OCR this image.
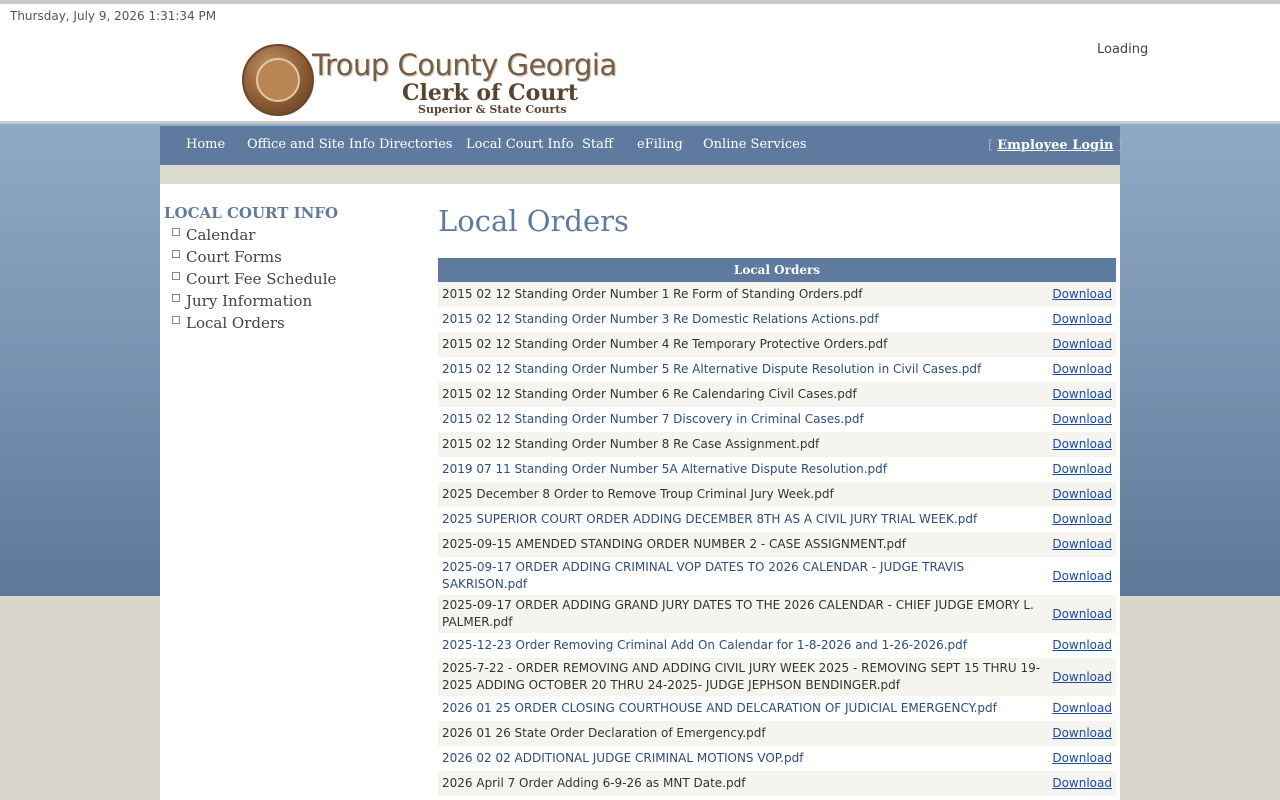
Thursday, July 9, 2026 1:31:34 PM
Troup County Georgia
Clerk of Court
Superior & State Courts
Loading
Home Office and Site Info Directories Local Court Info Staff eFiling Online Services	[ Employee Login ]
LOCAL COURT INFO
Calendar
Court Forms
Court Fee Schedule
Jury Information
Local Orders
Local Orders
Local Orders	
2015 02 12 Standing Order Number 1 Re Form of Standing Orders.pdf	Download
2015 02 12 Standing Order Number 3 Re Domestic Relations Actions.pdf	Download
2015 02 12 Standing Order Number 4 Re Temporary Protective Orders.pdf	Download
2015 02 12 Standing Order Number 5 Re Alternative Dispute Resolution in Civil Cases.pdf	Download
2015 02 12 Standing Order Number 6 Re Calendaring Civil Cases.pdf	Download
2015 02 12 Standing Order Number 7 Discovery in Criminal Cases.pdf	Download
2015 02 12 Standing Order Number 8 Re Case Assignment.pdf	Download
2019 07 11 Standing Order Number 5A Alternative Dispute Resolution.pdf	Download
2025 December 8 Order to Remove Troup Criminal Jury Week.pdf	Download
2025 SUPERIOR COURT ORDER ADDING DECEMBER 8TH AS A CIVIL JURY TRIAL WEEK.pdf	Download
2025-09-15 AMENDED STANDING ORDER NUMBER 2 - CASE ASSIGNMENT.pdf	Download
2025-09-17 ORDER ADDING CRIMINAL VOP DATES TO 2026 CALENDAR - JUDGE TRAVIS SAKRISON.pdf	Download
2025-09-17 ORDER ADDING GRAND JURY DATES TO THE 2026 CALENDAR - CHIEF JUDGE EMORY L. PALMER.pdf	Download
2025-12-23 Order Removing Criminal Add On Calendar for 1-8-2026 and 1-26-2026.pdf	Download
2025-7-22 - ORDER REMOVING AND ADDING CIVIL JURY WEEK 2025 - REMOVING SEPT 15 THRU 19-2025 ADDING OCTOBER 20 THRU 24-2025- JUDGE JEPHSON BENDINGER.pdf	Download
2026 01 25 ORDER CLOSING COURTHOUSE AND DELCARATION OF JUDICIAL EMERGENCY.pdf	Download
2026 01 26 State Order Declaration of Emergency.pdf	Download
2026 02 02 ADDITIONAL JUDGE CRIMINAL MOTIONS VOP.pdf	Download
2026 April 7 Order Adding 6-9-26 as MNT Date.pdf	Download
